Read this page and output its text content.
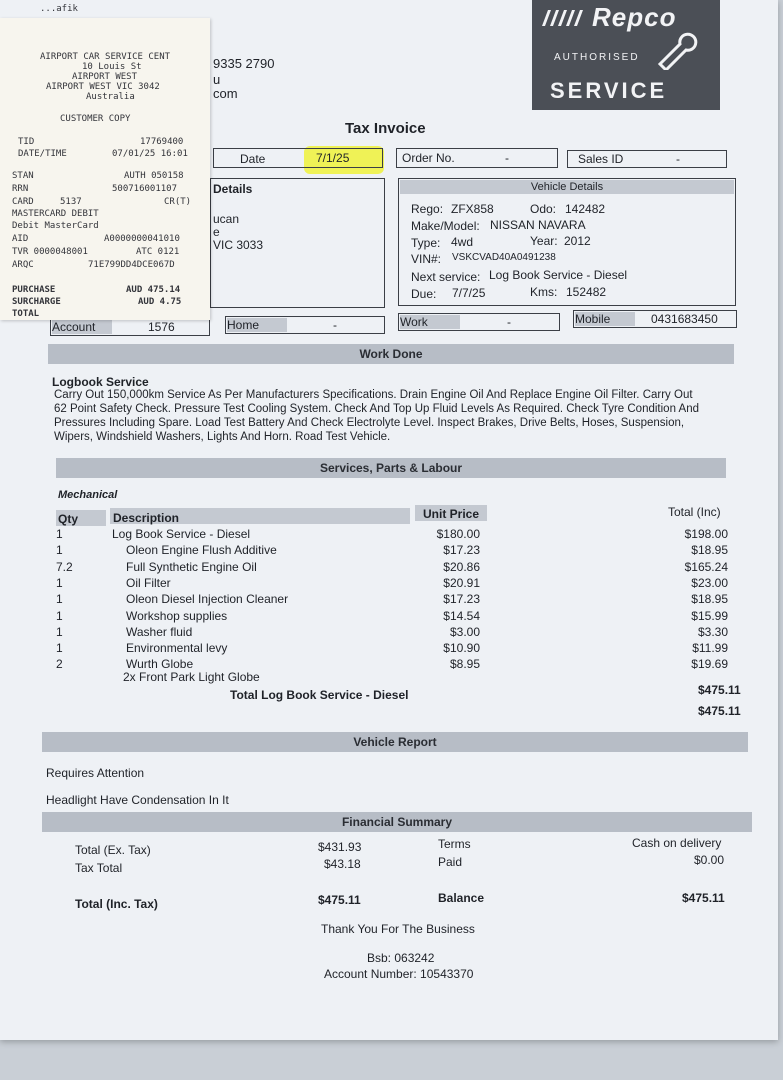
Repco
AUTHORISED
SERVICE
9335 2790
u
com
Tax Invoice
Date	7/1/25	Order No.	-	Sales ID	-
Details
ucan
e
VIC 3033
Vehicle Details
Rego: ZFX858	Odo: 142482
Make/Model: NISSAN NAVARA
Type: 4wd	Year: 2012
VIN#: VSKCVAD40A0491238
Next service: Log Book Service - Diesel
Due: 7/7/25	Kms: 152482
Account	1576	Home	-	Work	-	Mobile	0431683450
Work Done
Logbook Service
Carry Out 150,000km Service As Per Manufacturers Specifications. Drain Engine Oil And Replace Engine Oil Filter. Carry Out
62 Point Safety Check. Pressure Test Cooling System. Check And Top Up Fluid Levels As Required. Check Tyre Condition And
Pressures Including Spare. Load Test Battery And Check Electrolyte Level. Inspect Brakes, Drive Belts, Hoses, Suspension,
Wipers, Windshield Washers, Lights And Horn. Road Test Vehicle.
Services, Parts & Labour
Mechanical
Qty	Description	Unit Price	Total (Inc)
1	Log Book Service - Diesel	$180.00	$198.00
1	Oleon Engine Flush Additive	$17.23	$18.95
7.2	Full Synthetic Engine Oil	$20.86	$165.24
1	Oil Filter	$20.91	$23.00
1	Oleon Diesel Injection Cleaner	$17.23	$18.95
1	Workshop supplies	$14.54	$15.99
1	Washer fluid	$3.00	$3.30
1	Environmental levy	$10.90	$11.99
2	Wurth Globe	$8.95	$19.69
2x Front Park Light Globe
Total Log Book Service - Diesel	$475.11
$475.11
Vehicle Report
Requires Attention
Headlight Have Condensation In It
Financial Summary
Total (Ex. Tax)	$431.93
Tax Total	$43.18
Terms	Cash on delivery
Paid	$0.00
Total (Inc. Tax)	$475.11	Balance	$475.11
Thank You For The Business
Bsb: 063242
Account Number: 10543370
...afik
AIRPORT CAR SERVICE CENT
10 Louis St
AIRPORT WEST
AIRPORT WEST VIC 3042
Australia
CUSTOMER COPY
TID	17769400
DATE/TIME	07/01/25 16:01
STAN	AUTH 050158
RRN	500716001107
CARD	5137	CR(T)
MASTERCARD DEBIT
Debit MasterCard
AID	A0000000041010
TVR 0000048001	ATC 0121
ARQC	71E799DD4DCE067D
PURCHASE	AUD 475.14
SURCHARGE	AUD 4.75
TOTAL
